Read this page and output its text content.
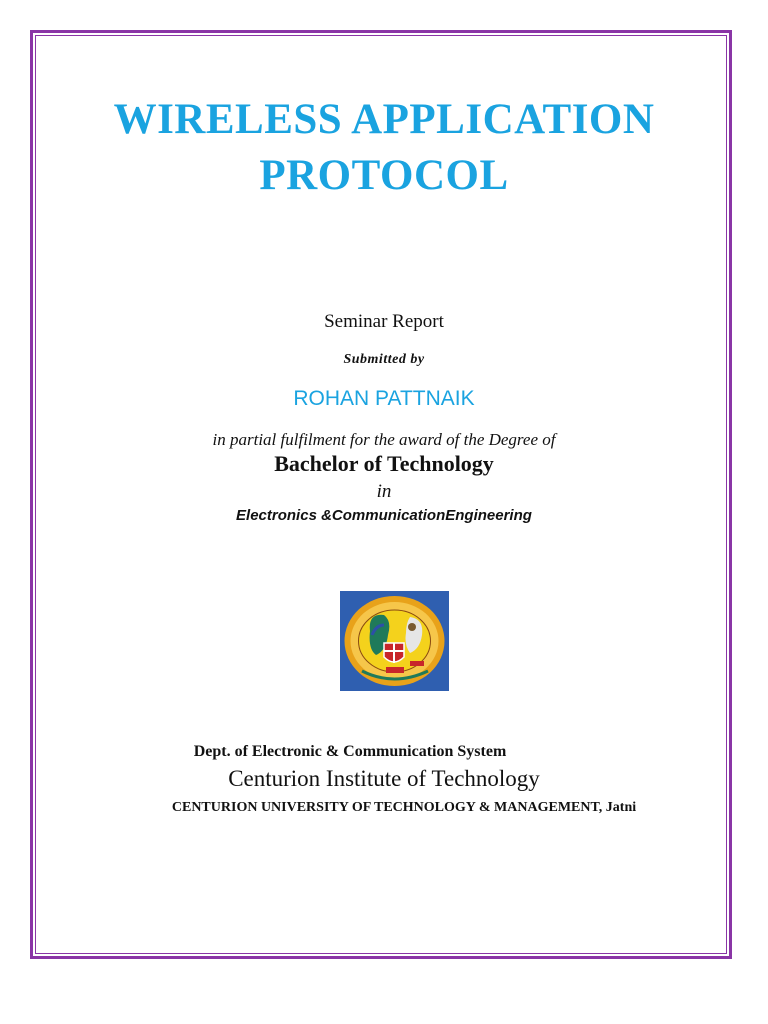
WIRELESS APPLICATION
PROTOCOL
Seminar Report
Submitted by
ROHAN PATTNAIK
in partial fulfilment for the award of the Degree of
Bachelor of Technology
in
Electronics &CommunicationEngineering
Dept. of Electronic & Communication System
Centurion Institute of Technology
CENTURION UNIVERSITY OF TECHNOLOGY & MANAGEMENT, Jatni
